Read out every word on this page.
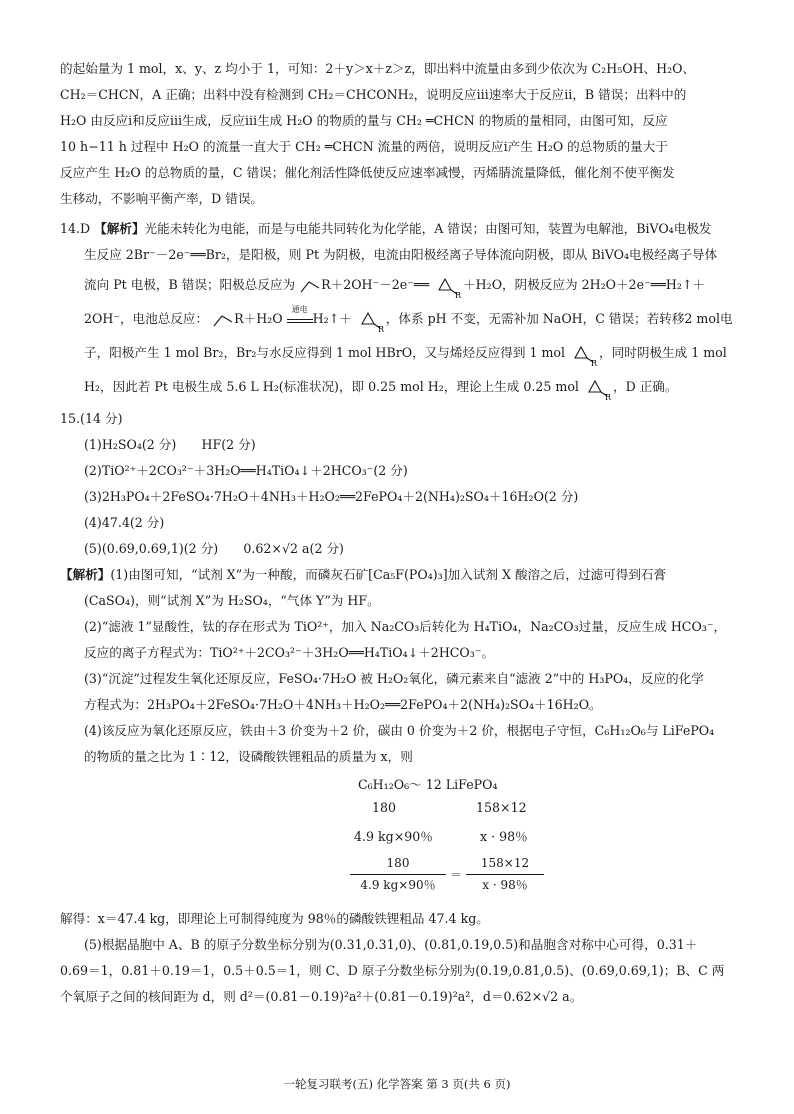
的起始量为 1 mol，x、y、z 均小于 1，可知：2＋y＞x＋z＞z，即出料中流量由多到少依次为 C₂H₅OH、H₂O、

CH₂＝CHCN，A 正确；出料中没有检测到 CH₂＝CHCONH₂，说明反应ⅲ速率大于反应ⅱ，B 错误；出料中的

H₂O 由反应ⅰ和反应ⅲ生成，反应ⅲ生成 H₂O 的物质的量与 CH₂ ═CHCN 的物质的量相同，由图可知，反应

10 h−11 h 过程中 H₂O 的流量一直大于 CH₂ ═CHCN 流量的两倍，说明反应ⅰ产生 H₂O 的总物质的量大于

反应产生 H₂O 的总物质的量，C 错误；催化剂活性降低使反应速率减慢，丙烯腈流量降低，催化剂不使平衡发

生移动，不影响平衡产率，D 错误。

14.D 【解析】光能未转化为电能，而是与电能共同转化为化学能，A 错误；由图可知，装置为电解池，BiVO₄电极发

生反应 2Br⁻－2e⁻══Br₂，是阳极，则 Pt 为阴极，电流由阳极经离子导体流向阴极，即从 BiVO₄电极经离子导体

流向 Pt 电极，B 错误；阳极总反应为 R＋2OH⁻－2e⁻══
R
＋H₂O，阴极反应为 2H₂O＋2e⁻══H₂↑＋

2OH⁻，电池总反应： R＋H₂O
通电
H₂↑＋
R
，体系 pH 不变，无需补加 NaOH，C 错误；若转移2 mol电

子，阳极产生 1 mol Br₂，Br₂与水反应得到 1 mol HBrO，又与烯烃反应得到 1 mol
R
，同时阴极生成 1 mol

H₂，因此若 Pt 电极生成 5.6 L H₂(标准状况)，即 0.25 mol H₂，理论上生成 0.25 mol
R
，D 正确。

15.(14 分)

(1)H₂SO₄(2 分)　　HF(2 分)

(2)TiO²⁺＋2CO₃²⁻＋3H₂O══H₄TiO₄↓＋2HCO₃⁻(2 分)

(3)2H₃PO₄＋2FeSO₄·7H₂O＋4NH₃＋H₂O₂══2FePO₄＋2(NH₄)₂SO₄＋16H₂O(2 分)

(4)47.4(2 分)

(5)(0.69,0.69,1)(2 分)　　0.62×√2 a(2 分)

【解析】(1)由图可知，“试剂 X”为一种酸，而磷灰石矿[Ca₅F(PO₄)₃]加入试剂 X 酸溶之后，过滤可得到石膏

(CaSO₄)，则“试剂 X”为 H₂SO₄，“气体 Y”为 HF。

(2)“滤液 1”显酸性，钛的存在形式为 TiO²⁺，加入 Na₂CO₃后转化为 H₄TiO₄，Na₂CO₃过量，反应生成 HCO₃⁻，

反应的离子方程式为：TiO²⁺＋2CO₃²⁻＋3H₂O══H₄TiO₄↓＋2HCO₃⁻。

(3)“沉淀”过程发生氧化还原反应，FeSO₄·7H₂O 被 H₂O₂氧化，磷元素来自“滤液 2”中的 H₃PO₄，反应的化学

方程式为：2H₃PO₄＋2FeSO₄·7H₂O＋4NH₃＋H₂O₂══2FePO₄＋2(NH₄)₂SO₄＋16H₂O。

(4)该反应为氧化还原反应，铁由＋3 价变为＋2 价，碳由 0 价变为＋2 价，根据电子守恒，C₆H₁₂O₆与 LiFePO₄

的物质的量之比为 1∶12，设磷酸铁锂粗品的质量为 x，则

C₆H₁₂O₆～ 12 LiFePO₄
180	158×12
4.9 kg×90％	x · 98％
180
4.9 kg×90％
＝
158×12
x · 98％

解得：x＝47.4 kg，即理论上可制得纯度为 98％的磷酸铁锂粗品 47.4 kg。

(5)根据晶胞中 A、B 的原子分数坐标分别为(0.31,0.31,0)、(0.81,0.19,0.5)和晶胞含对称中心可得，0.31＋

0.69＝1，0.81＋0.19＝1，0.5＋0.5＝1，则 C、D 原子分数坐标分别为(0.19,0.81,0.5)、(0.69,0.69,1)；B、C 两

个氧原子之间的核间距为 d，则 d²＝(0.81－0.19)²a²＋(0.81－0.19)²a²，d＝0.62×√2 a。

一轮复习联考(五) 化学答案 第 3 页(共 6 页)
